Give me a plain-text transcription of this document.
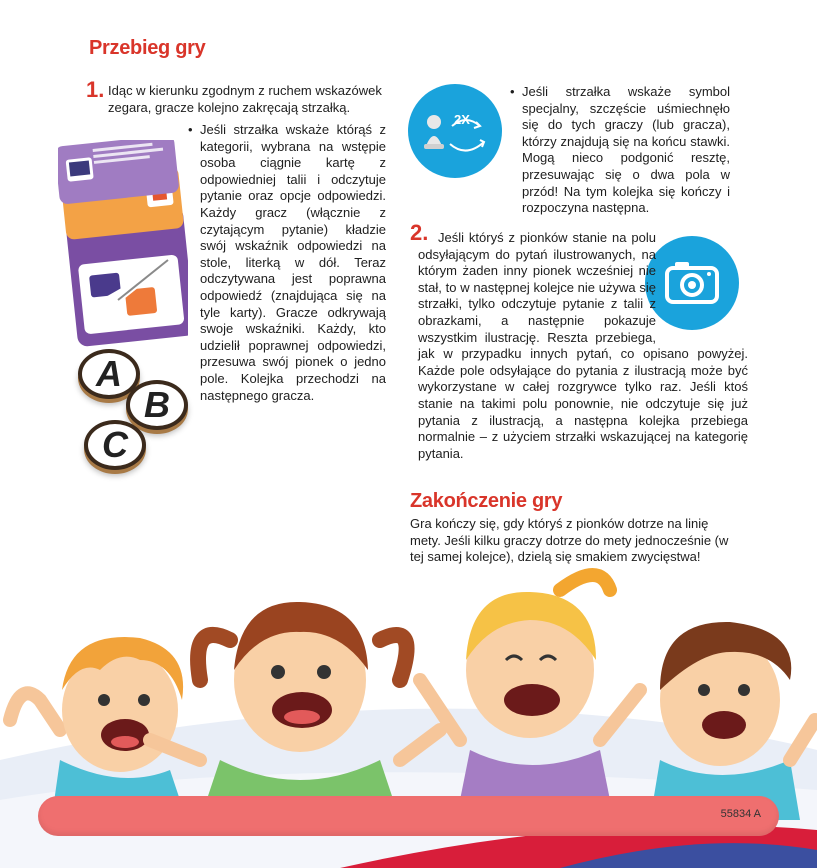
Przebieg gry
1. Idąc w kierunku zgodnym z ruchem wskazówek
zegara, gracze kolejno zakręcają strzałką.
• Jeśli strzałka wskaże którąś z kategorii, wybrana na wstępie osoba ciągnie kartę z odpowiedniej talii i odczytuje pytanie oraz opcje odpowiedzi. Każdy gracz (włącznie z czytającym pytanie) kładzie swój wskaźnik odpowiedzi na stole, literką w dół. Teraz odczytywana jest poprawna odpowiedź (znajdująca się na tyle karty). Gracze odkrywają swoje wskaźniki. Każdy, kto udzielił poprawnej odpowiedzi, przesuwa swój pionek o jedno pole. Kolejka przechodzi na następnego gracza.
A
B
C
2X
• Jeśli strzałka wskaże symbol specjalny, szczęście uśmiechnęło się do tych graczy (lub gracza), którzy znajdują się na końcu stawki. Mogą nieco podgonić resztę, przesuwając się o dwa pola w przód! Na tym kolejka się kończy i rozpoczyna następna.
2. Jeśli któryś z pionków stanie na polu odsyłającym do pytań ilustrowanych, na którym żaden inny pionek wcześniej nie stał, to w następnej kolejce nie używa się strzałki, tylko odczytuje pytanie z talii z obrazkami, a następnie pokazuje wszystkim ilustrację. Reszta przebiega, jak w przypadku innych pytań, co opisano powyżej. Każde pole odsyłające do pytania z ilustracją może być wykorzystane w całej rozgrywce tylko raz. Jeśli ktoś stanie na takimi polu ponownie, nie odczytuje się już pytania z ilustracją, a następna kolejka przebiega normalnie – z użyciem strzałki wskazującej na kategorię pytania.
Zakończenie gry
Gra kończy się, gdy któryś z pionków dotrze na linię mety. Jeśli kilku graczy dotrze do mety jednocześnie (w tej samej kolejce), dzielą się smakiem zwycięstwa!
55834 A
